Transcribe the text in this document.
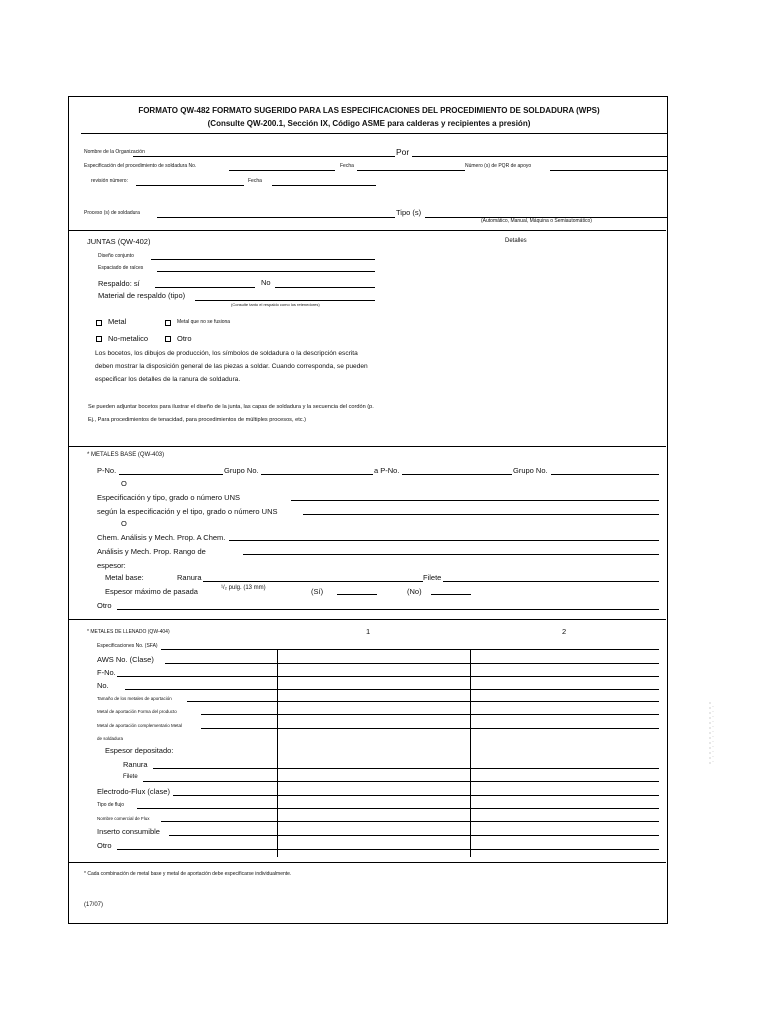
FORMATO QW-482 FORMATO SUGERIDO PARA LAS ESPECIFICACIONES DEL PROCEDIMIENTO DE SOLDADURA (WPS)
(Consulte QW-200.1, Sección IX, Código ASME para calderas y recipientes a presión)
Nombre de la Organización	Por
Especificación del procedimiento de soldadura No.	Fecha	Número (s) de PQR de apoyo
revisión número:	Fecha
Proceso (s) de soldadura	Tipo (s)
(Automático, Manual, Máquina o Semiautomático)
JUNTAS (QW-402)	Detalles
Diseño conjunto
Espaciado de raíces
Respaldo: sí	No
Material de respaldo (tipo)
(Consulte tanto el respaldo como los retenedores)
Metal	Metal que no se fusiona
No-metalico	Otro
Los bocetos, los dibujos de producción, los símbolos de soldadura o la descripción escrita deben mostrar la disposición general de las piezas a soldar. Cuando corresponda, se pueden especificar los detalles de la ranura de soldadura.
Se pueden adjuntar bocetos para ilustrar el diseño de la junta, las capas de soldadura y la secuencia del cordón (p. Ej., Para procedimientos de tenacidad, para procedimientos de múltiples procesos, etc.)
* METALES BASE (QW-403)
P-No.	Grupo No.	a P-No.	Grupo No.
O
Especificación y tipo, grado o número UNS
según la especificación y el tipo, grado o número UNS
O
Chem. Análisis y Mech. Prop. A Chem.
Análisis y Mech. Prop. Rango de
espesor:
Metal base:	Ranura	Filete
Espesor máximo de pasada	¹/₂ pulg. (13 mm)	(Sí)	(No)
Otro
* METALES DE LLENADO (QW-404)	1	2
Especificaciones No. (SFA)
AWS No. (Clase)
F-No.
No.
Tamaño de los metales de aportación
Metal de aportación Forma del producto
Metal de aportación complementario Metal
de soldadura
Espesor depositado:
Ranura
Filete
Electrodo-Flux (clase)
Tipo de flujo
Nombre comercial de Flux
Inserto consumible
Otro
* Cada combinación de metal base y metal de aportación debe especificarse individualmente.
(17/07)
